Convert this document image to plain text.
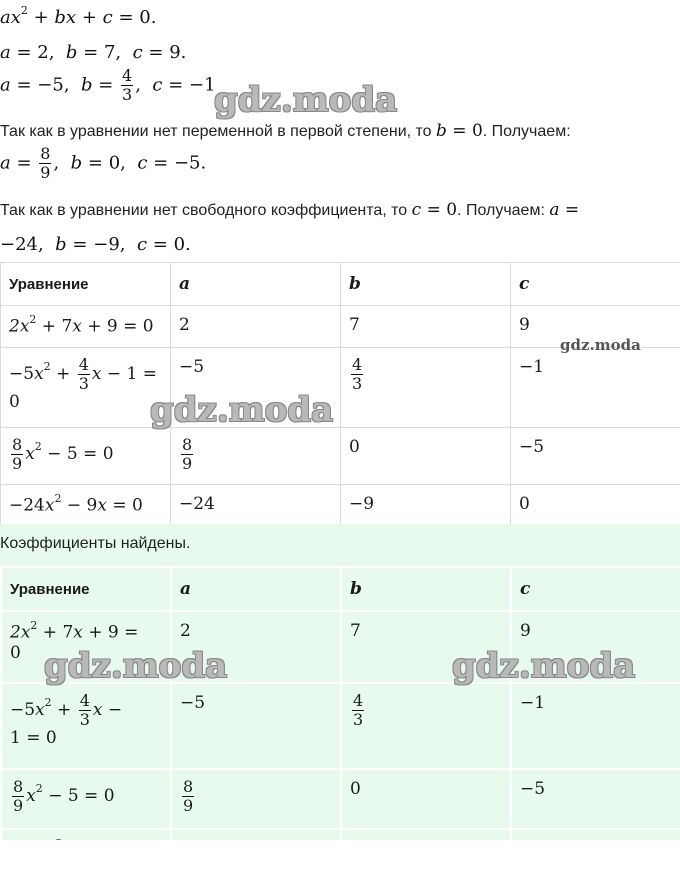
$ax^2$ + bx + c = 0.
a = 2,  b = 7,  c = 9.
a = −5,  $b = \frac{4}{3}$ ,  c = −1
Так как в уравнении нет переменной в первой степени, то b = 0. Получаем:
$a = \frac{8}{9}$ ,  b = 0,  c = −5.
Так как в уравнении нет свободного коэффициента, то c = 0. Получаем: a =
−24,  b = −9,  c = 0.
Уравнение	a	b	c
$2x^2 + 7x + 9 = 0$	2	7	9
$-5x^2 + \frac{4}{3}$ x − 1 =
0	−5	$\frac{4}{3}$	−1

$\frac{8}{9} x^2 - 5 = 0$	$\frac{8}{9}$	0	−5
$-24x^2 - 9x = 0$	−24	−9	0
Коэффициенты найдены.
Уравнение	a	b	c
$2x^2 + 7x + 9$ =
0	2	7	9
$-5x^2 + \frac{4}{3}$ x −
1 = 0	−5	$\frac{4}{3}$	−1

$\frac{8}{9} x^2 - 5 = 0$	$\frac{8}{9}$	0	−5

gdz.moda
gdz.moda
gdz.moda
gdz.moda	gdz.moda
